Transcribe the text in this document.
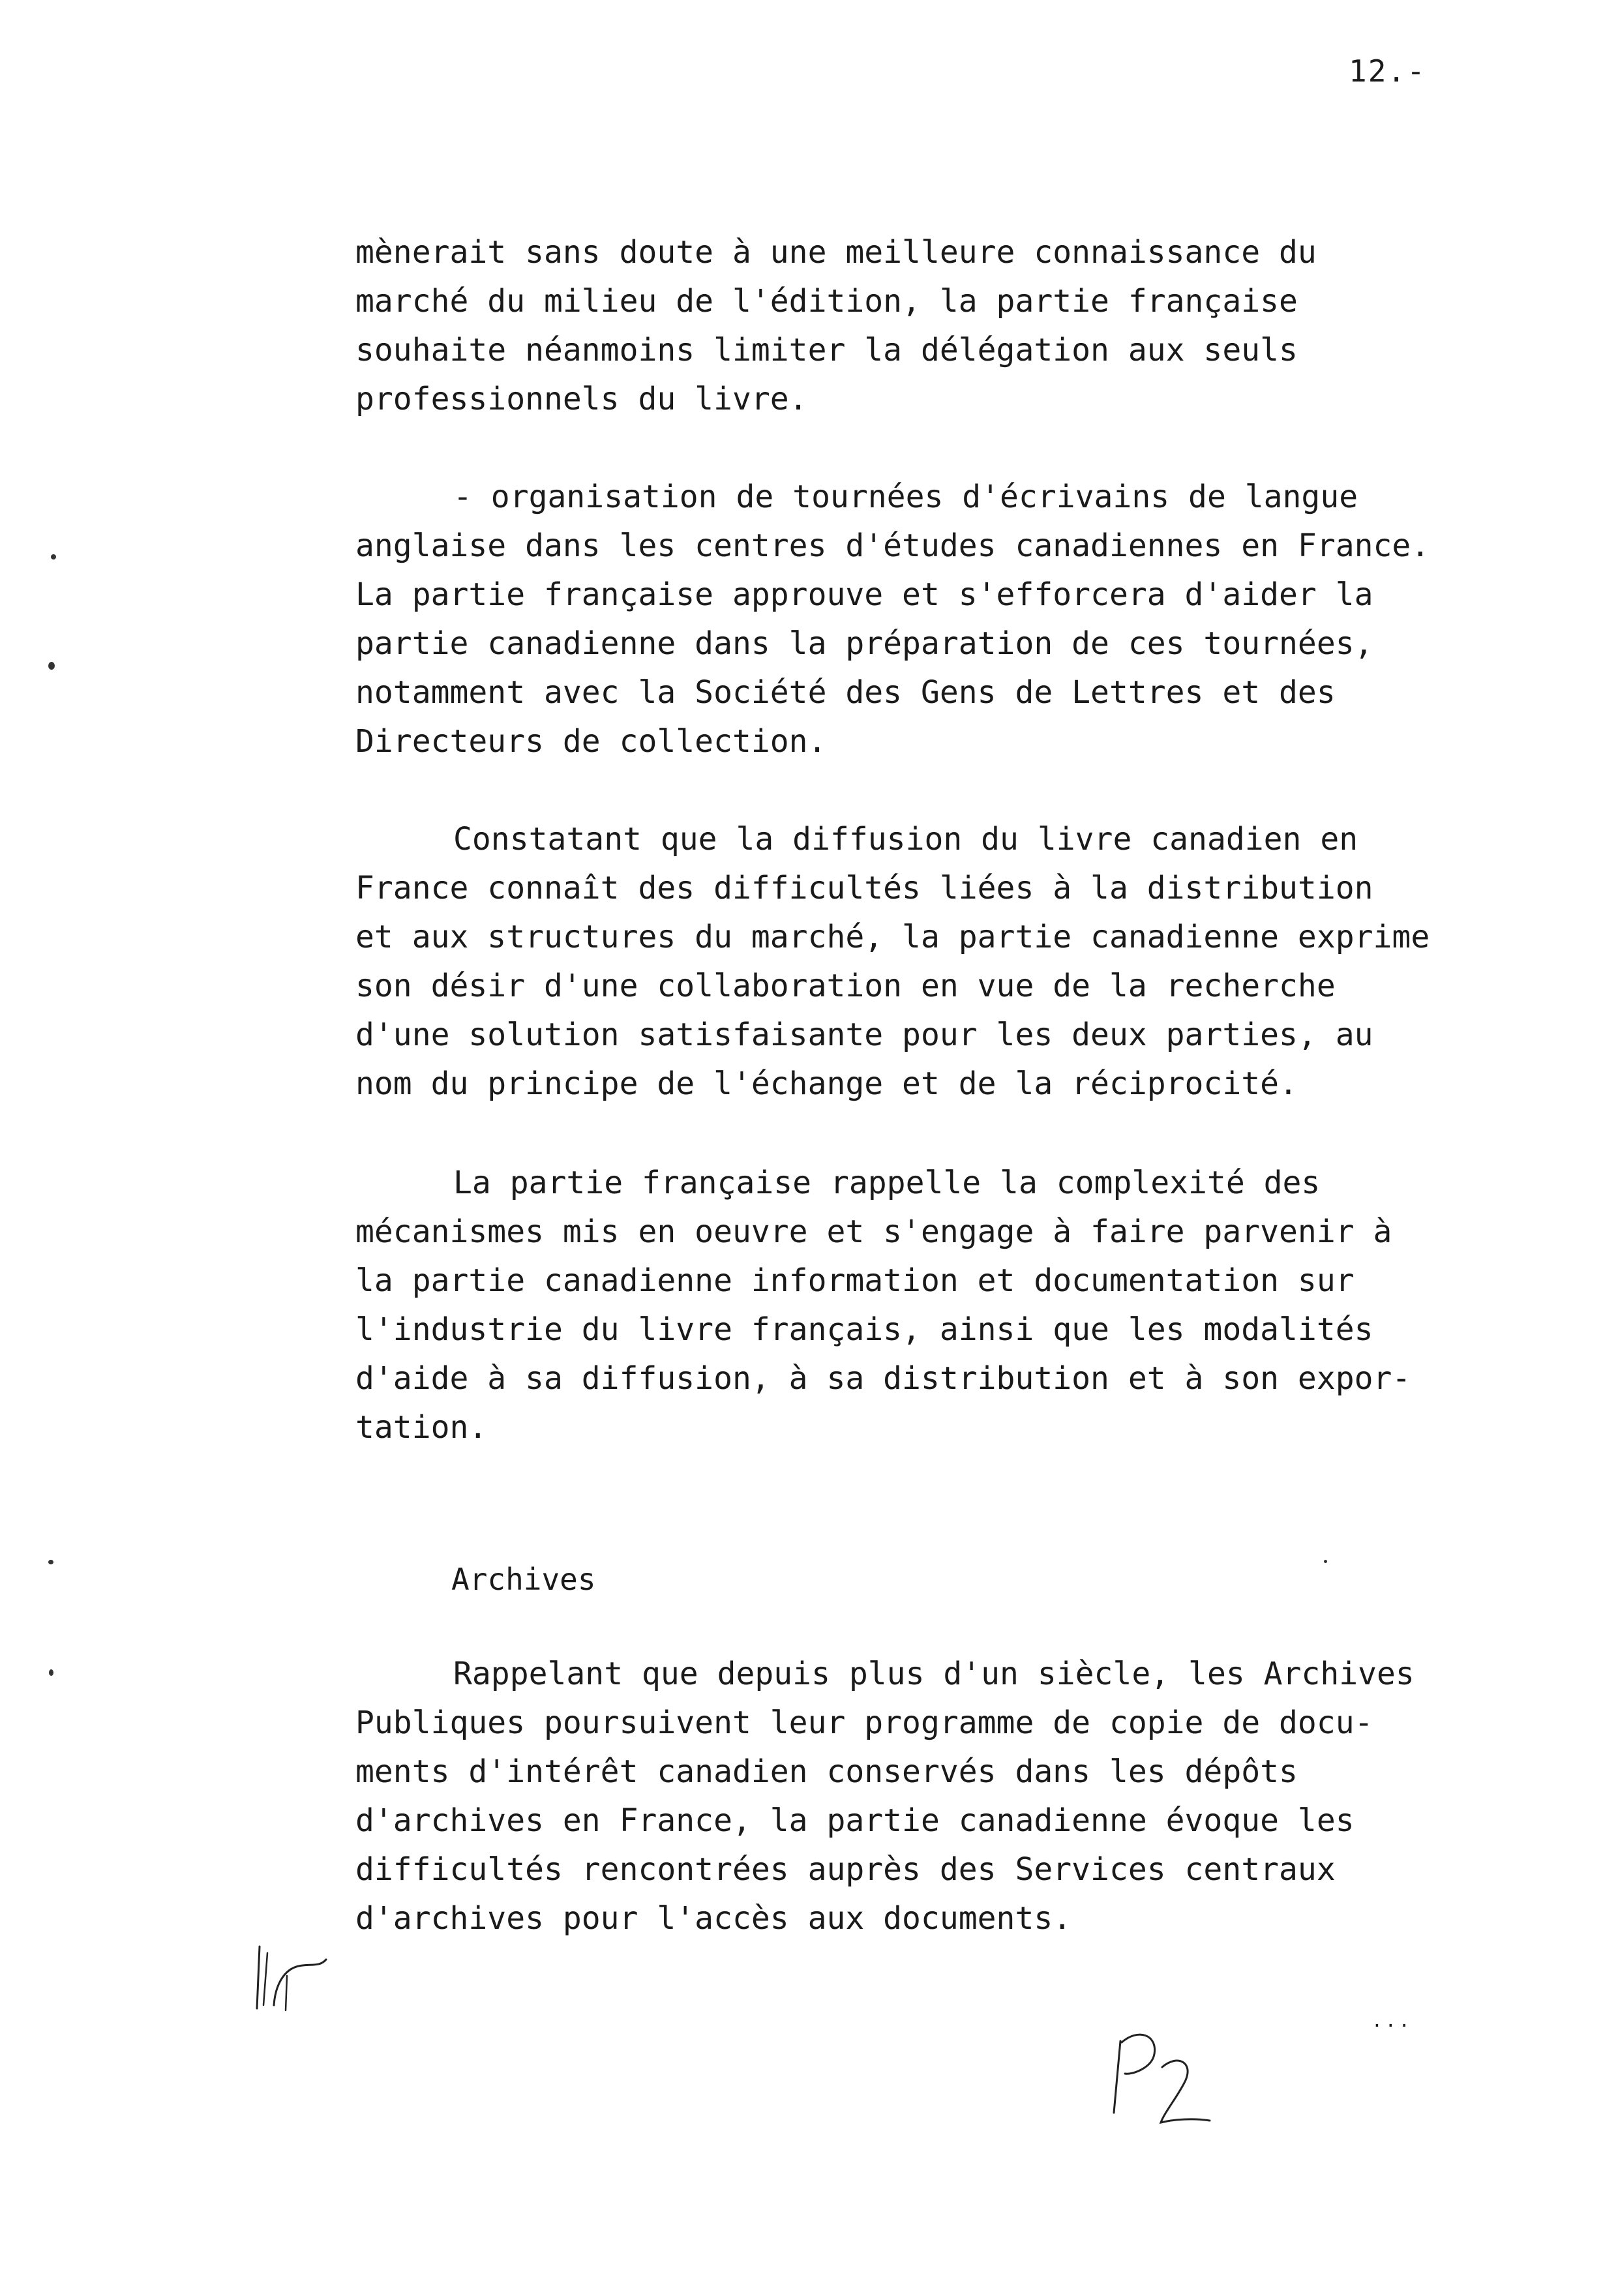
12.-
mènerait sans doute à une meilleure connaissance du
marché du milieu de l'édition, la partie française
souhaite néanmoins limiter la délégation aux seuls
professionnels du livre.
- organisation de tournées d'écrivains de langue
anglaise dans les centres d'études canadiennes en France.
La partie française approuve et s'efforcera d'aider la
partie canadienne dans la préparation de ces tournées,
notamment avec la Société des Gens de Lettres et des
Directeurs de collection.
Constatant que la diffusion du livre canadien en
France connaît des difficultés liées à la distribution
et aux structures du marché, la partie canadienne exprime
son désir d'une collaboration en vue de la recherche
d'une solution satisfaisante pour les deux parties, au
nom du principe de l'échange et de la réciprocité.
La partie française rappelle la complexité des
mécanismes mis en oeuvre et s'engage à faire parvenir à
la partie canadienne information et documentation sur
l'industrie du livre français, ainsi que les modalités
d'aide à sa diffusion, à sa distribution et à son expor-
tation.
Archives
Rappelant que depuis plus d'un siècle, les Archives
Publiques poursuivent leur programme de copie de docu-
ments d'intérêt canadien conservés dans les dépôts
d'archives en France, la partie canadienne évoque les
difficultés rencontrées auprès des Services centraux
d'archives pour l'accès aux documents.
...
